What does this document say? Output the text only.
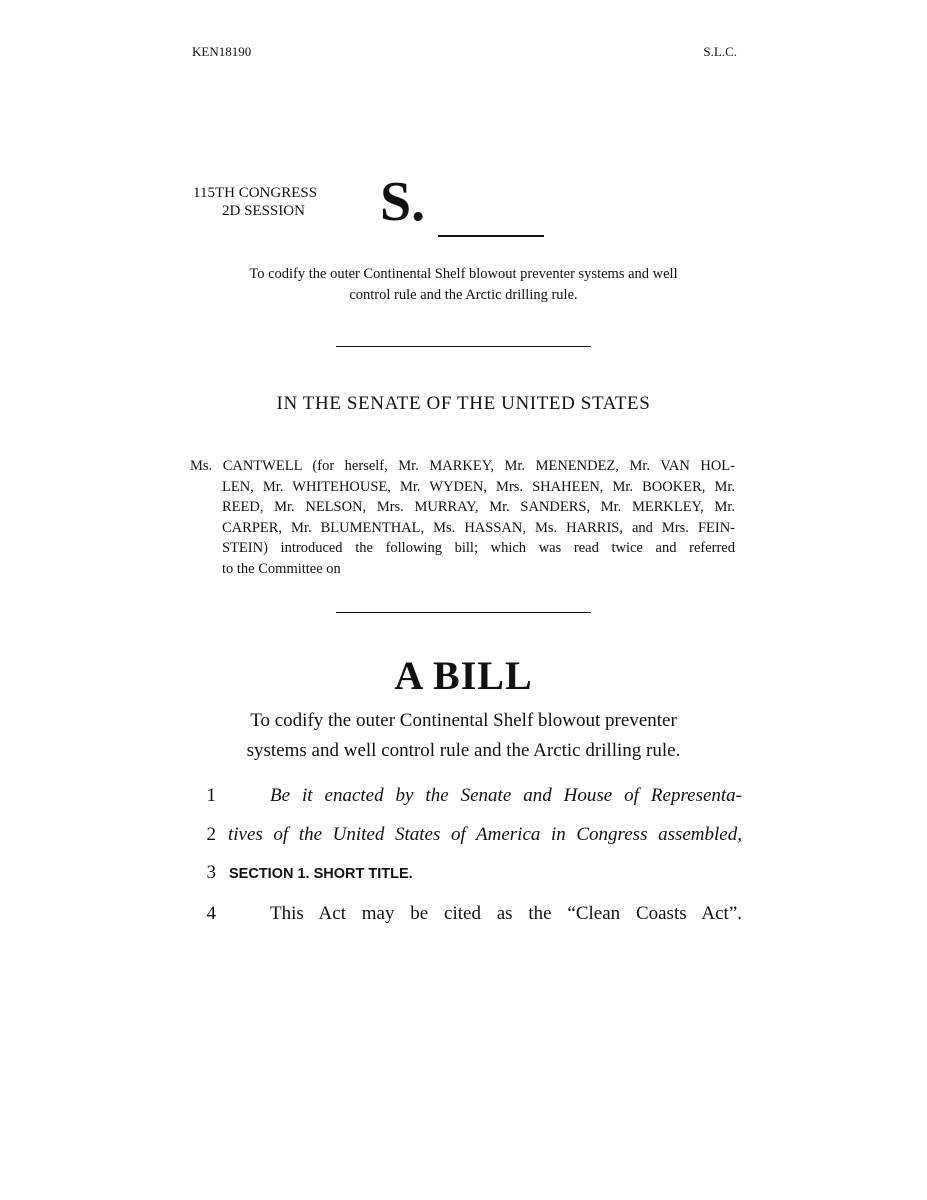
KEN18190	S.L.C.
115TH CONGRESS
2D SESSION S.
To codify the outer Continental Shelf blowout preventer systems and well
control rule and the Arctic drilling rule.
IN THE SENATE OF THE UNITED STATES
Ms. CANTWELL (for herself, Mr. MARKEY, Mr. MENENDEZ, Mr. VAN HOL-
LEN, Mr. WHITEHOUSE, Mr. WYDEN, Mrs. SHAHEEN, Mr. BOOKER, Mr.
REED, Mr. NELSON, Mrs. MURRAY, Mr. SANDERS, Mr. MERKLEY, Mr.
CARPER, Mr. BLUMENTHAL, Ms. HASSAN, Ms. HARRIS, and Mrs. FEIN-
STEIN) introduced the following bill; which was read twice and referred
to the Committee on
A BILL
To codify the outer Continental Shelf blowout preventer
systems and well control rule and the Arctic drilling rule.
1	Be it enacted by the Senate and House of Representa-
2 tives of the United States of America in Congress assembled,
3 SECTION 1. SHORT TITLE.
4	This Act may be cited as the “Clean Coasts Act”.
